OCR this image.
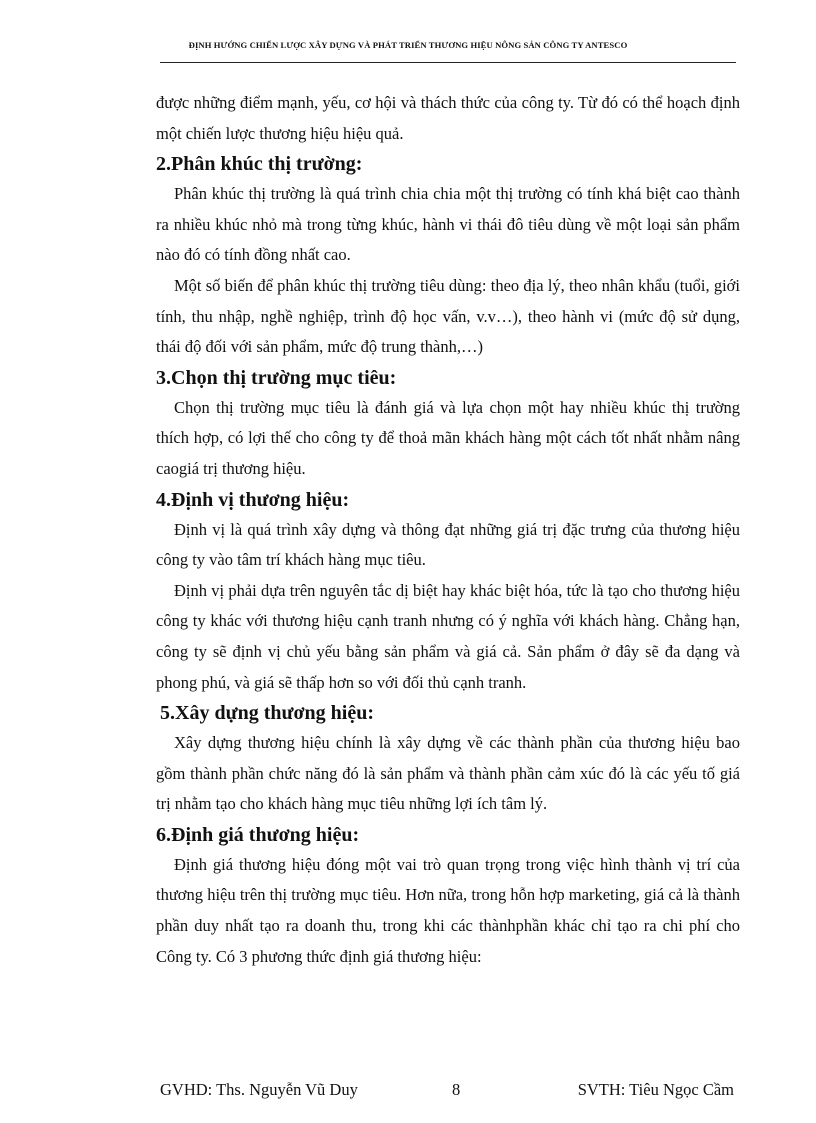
ĐỊNH HƯỚNG CHIẾN LƯỢC XÂY DỰNG VÀ PHÁT TRIỂN THƯƠNG HIỆU NÔNG SẢN CÔNG TY ANTESCO

được những điểm mạnh, yếu, cơ hội và thách thức của công ty. Từ đó có thể hoạch định một chiến lược thương hiệu hiệu quả.

2.Phân khúc thị trường:

Phân khúc thị trường là quá trình chia chia một thị trường có tính khá biệt cao thành ra nhiều khúc nhỏ mà trong từng khúc, hành vi thái đô tiêu dùng về một loại sản phẩm nào đó có tính đồng nhất cao.

Một số biến để phân khúc thị trường tiêu dùng: theo địa lý, theo nhân khẩu (tuổi, giới tính, thu nhập, nghề nghiệp, trình độ học vấn, v.v…), theo hành vi (mức độ sử dụng, thái độ đối với sản phẩm, mức độ trung thành,…)

3.Chọn thị trường mục tiêu:

Chọn thị trường mục tiêu là đánh giá và lựa chọn một hay nhiều khúc thị trường thích hợp, có lợi thế cho công ty để thoả mãn khách hàng một cách tốt nhất nhằm nâng caogiá trị thương hiệu.

4.Định vị thương hiệu:

Định vị là quá trình xây dựng và thông đạt những giá trị đặc trưng của thương hiệu công ty vào tâm trí khách hàng mục tiêu.

Định vị phải dựa trên nguyên tắc dị biệt hay khác biệt hóa, tức là tạo cho thương hiệu công ty khác với thương hiệu cạnh tranh nhưng có ý nghĩa với khách hàng. Chẳng hạn, công ty sẽ định vị chủ yếu bằng sản phẩm và giá cả. Sản phẩm ở đây sẽ đa dạng và phong phú, và giá sẽ thấp hơn so với đối thủ cạnh tranh.

5.Xây dựng thương hiệu:

Xây dựng thương hiệu chính là xây dựng về các thành phần của thương hiệu bao gồm thành phần chức năng đó là sản phẩm và thành phần cảm xúc đó là các yếu tố giá trị nhằm tạo cho khách hàng mục tiêu những lợi ích tâm lý.

6.Định giá thương hiệu:

Định giá thương hiệu đóng một vai trò quan trọng trong việc hình thành vị trí của thương hiệu trên thị trường mục tiêu. Hơn nữa, trong hỗn hợp marketing, giá cả là thành phần duy nhất tạo ra doanh thu, trong khi các thànhphần khác chỉ tạo ra chi phí cho Công ty. Có 3 phương thức định giá thương hiệu:

GVHD: Ths. Nguyễn Vũ Duy	8	SVTH: Tiêu Ngọc Cầm
